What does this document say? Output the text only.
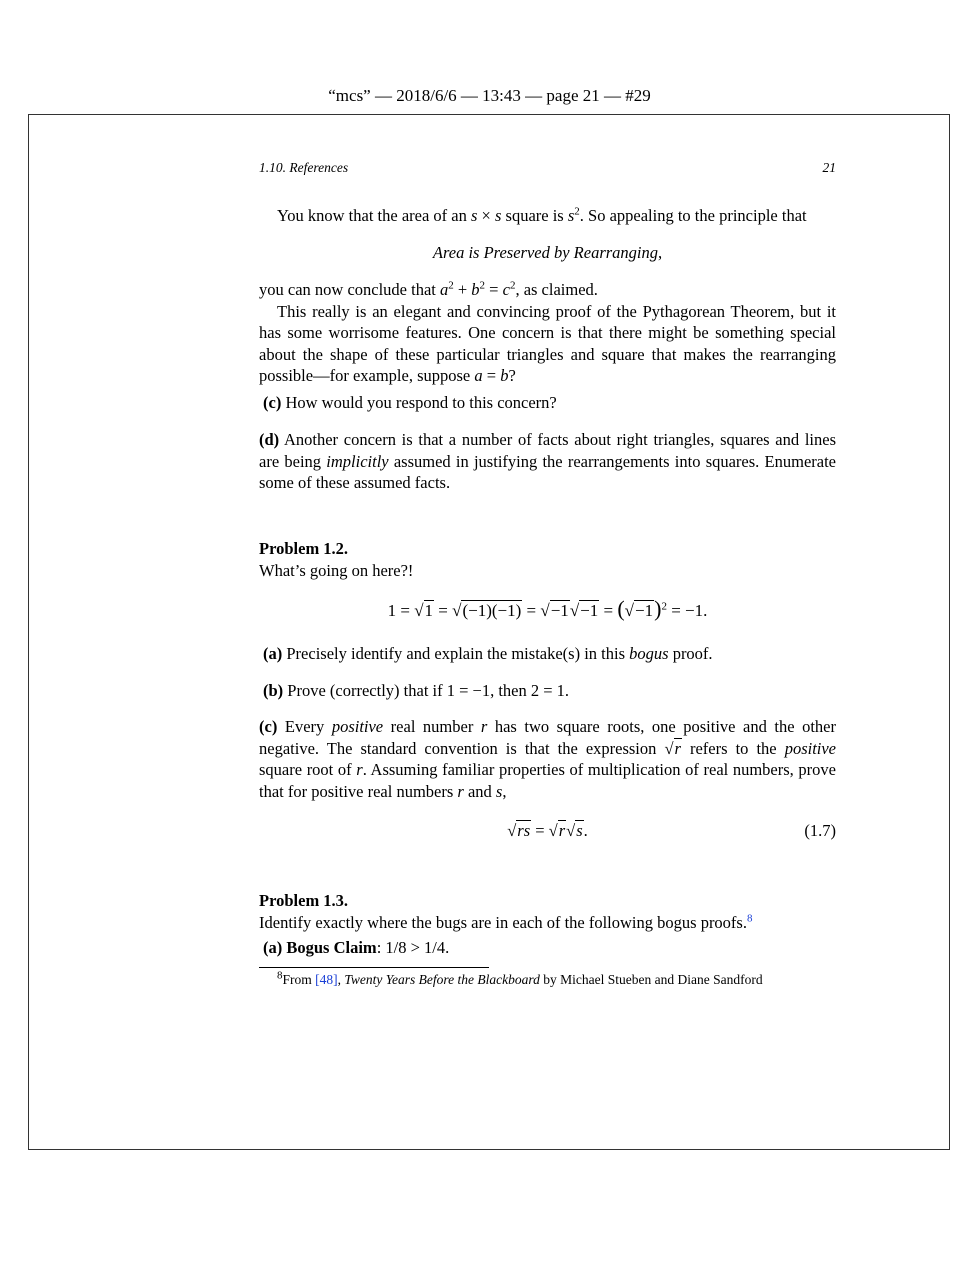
“mcs” — 2018/6/6 — 13:43 — page 21 — #29
1.10. References	21

You know that the area of an s × s square is $s^2$. So appealing to the principle that

Area is Preserved by Rearranging,

you can now conclude that $a^2 + b^2 = c^2$, as claimed.

This really is an elegant and convincing proof of the Pythagorean Theorem, but it has some worrisome features. One concern is that there might be something special about the shape of these particular triangles and square that makes the rearranging possible—for example, suppose a = b?

(c) How would you respond to this concern?

(d) Another concern is that a number of facts about right triangles, squares and lines are being implicitly assumed in justifying the rearrangements into squares. Enumerate some of these assumed facts.

Problem 1.2.

What’s going on here?!

$1 = √1 = √(-1)(-1) = √-1√-1 = (√-1)^2 = -1$.

(a) Precisely identify and explain the mistake(s) in this bogus proof.

(b) Prove (correctly) that if 1 = −1, then 2 = 1.

(c) Every positive real number r has two square roots, one positive and the other negative. The standard convention is that the expression √r refers to the positive square root of r. Assuming familiar properties of multiplication of real numbers, prove that for positive real numbers r and s,

√rs = √r√s.	(1.7)

Problem 1.3.

Identify exactly where the bugs are in each of the following bogus proofs.$^8$

(a) Bogus Claim: 1/8 > 1/4.

$^8$From [48], Twenty Years Before the Blackboard by Michael Stueben and Diane Sandford
